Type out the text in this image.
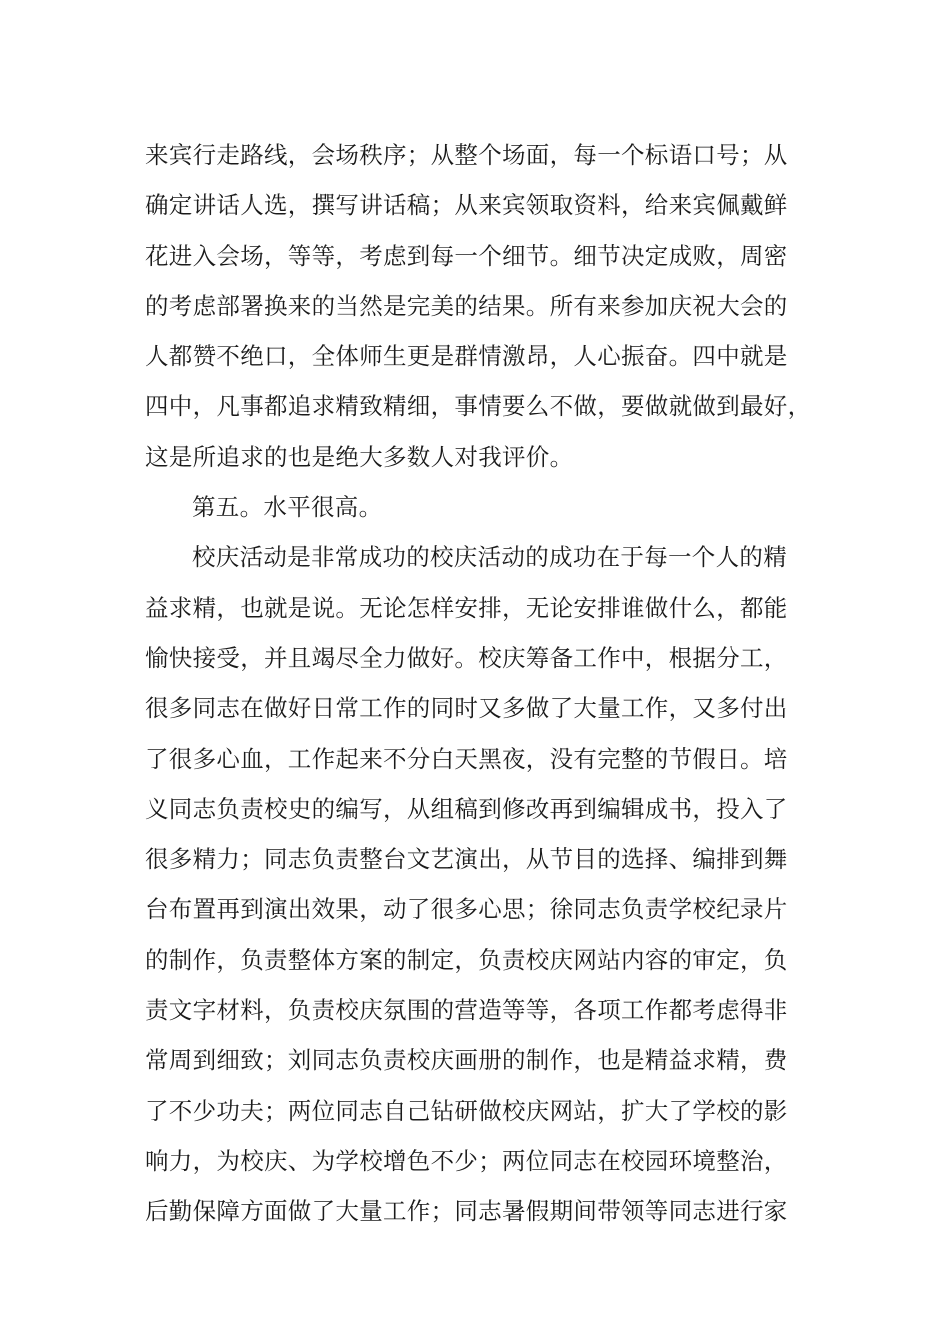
来宾行走路线，会场秩序；从整个场面，每一个标语口号；从
确定讲话人选，撰写讲话稿；从来宾领取资料，给来宾佩戴鲜
花进入会场，等等，考虑到每一个细节。细节决定成败，周密
的考虑部署换来的当然是完美的结果。所有来参加庆祝大会的
人都赞不绝口，全体师生更是群情激昂，人心振奋。四中就是
四中，凡事都追求精致精细，事情要么不做，要做就做到最好，
这是所追求的也是绝大多数人对我评价。
第五。水平很高。
校庆活动是非常成功的校庆活动的成功在于每一个人的精
益求精，也就是说。无论怎样安排，无论安排谁做什么，都能
愉快接受，并且竭尽全力做好。校庆筹备工作中，根据分工，
很多同志在做好日常工作的同时又多做了大量工作，又多付出
了很多心血，工作起来不分白天黑夜，没有完整的节假日。培
义同志负责校史的编写，从组稿到修改再到编辑成书，投入了
很多精力；同志负责整台文艺演出，从节目的选择、编排到舞
台布置再到演出效果，动了很多心思；徐同志负责学校纪录片
的制作，负责整体方案的制定，负责校庆网站内容的审定，负
责文字材料，负责校庆氛围的营造等等，各项工作都考虑得非
常周到细致；刘同志负责校庆画册的制作，也是精益求精，费
了不少功夫；两位同志自己钻研做校庆网站，扩大了学校的影
响力，为校庆、为学校增色不少；两位同志在校园环境整治，
后勤保障方面做了大量工作；同志暑假期间带领等同志进行家
